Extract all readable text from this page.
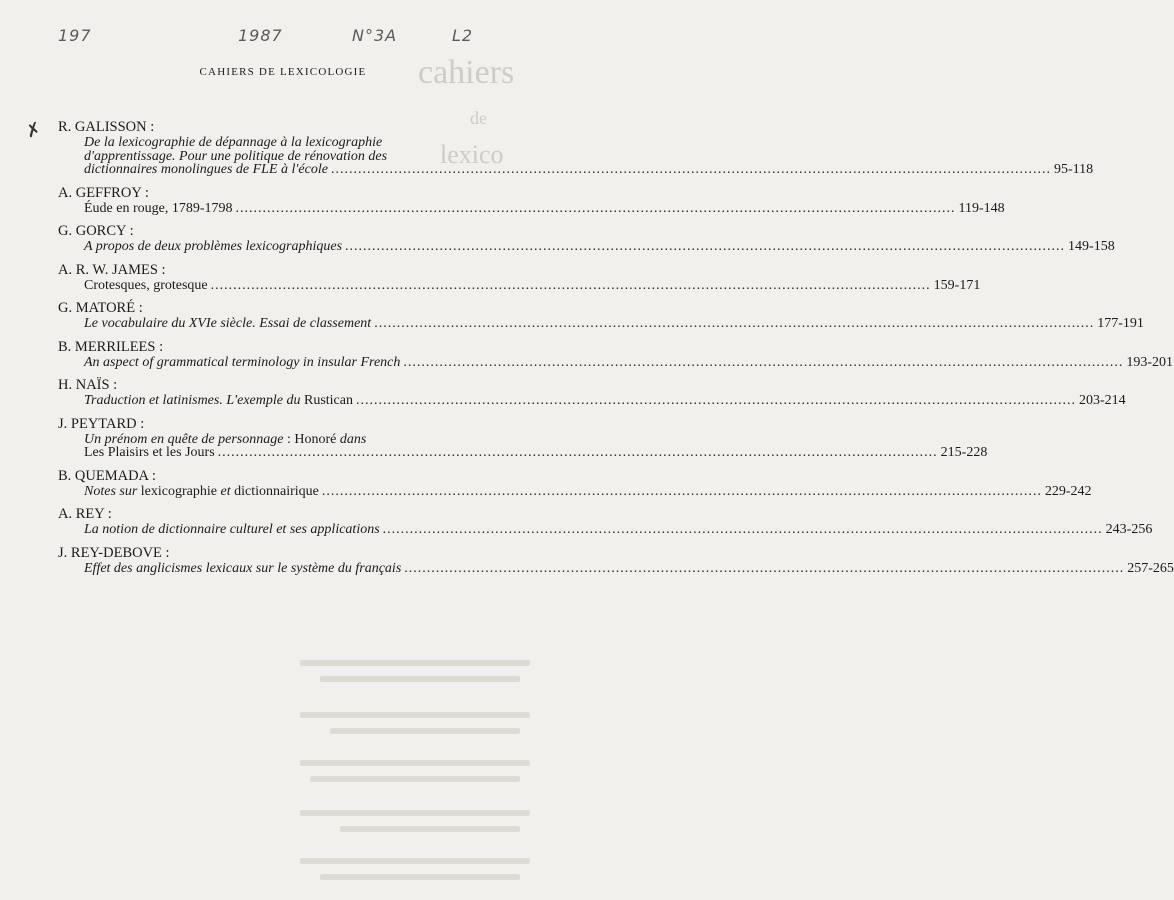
cahiers
de
lexico
197	1987	N°3A	L2
CAHIERS DE LEXICOLOGIE
✗ R. GALISSON :
De la lexicographie de dépannage à la lexicographie
d'apprentissage. Pour une politique de rénovation des
dictionnaires monolingues de FLE à l'école ................................................................................................................................................................ 95-118
A. GEFFROY :
Éude en rouge, 1789-1798 ................................................................................................................................................................ 119-148
G. GORCY :
A propos de deux problèmes lexicographiques ................................................................................................................................................................ 149-158
A. R. W. JAMES :
Crotesques, grotesque ................................................................................................................................................................ 159-171
G. MATORÉ :
Le vocabulaire du XVIe siècle. Essai de classement ................................................................................................................................................................ 177-191
B. MERRILEES :
An aspect of grammatical terminology in insular French ................................................................................................................................................................ 193-201
H. NAÏS :
Traduction et latinismes. L'exemple du Rustican ................................................................................................................................................................ 203-214
J. PEYTARD :
Un prénom en quête de personnage : Honoré dans
Les Plaisirs et les Jours ................................................................................................................................................................ 215-228
B. QUEMADA :
Notes sur lexicographie et dictionnairique ................................................................................................................................................................ 229-242
A. REY :
La notion de dictionnaire culturel et ses applications ................................................................................................................................................................ 243-256
J. REY-DEBOVE :
Effet des anglicismes lexicaux sur le système du français ................................................................................................................................................................ 257-265
